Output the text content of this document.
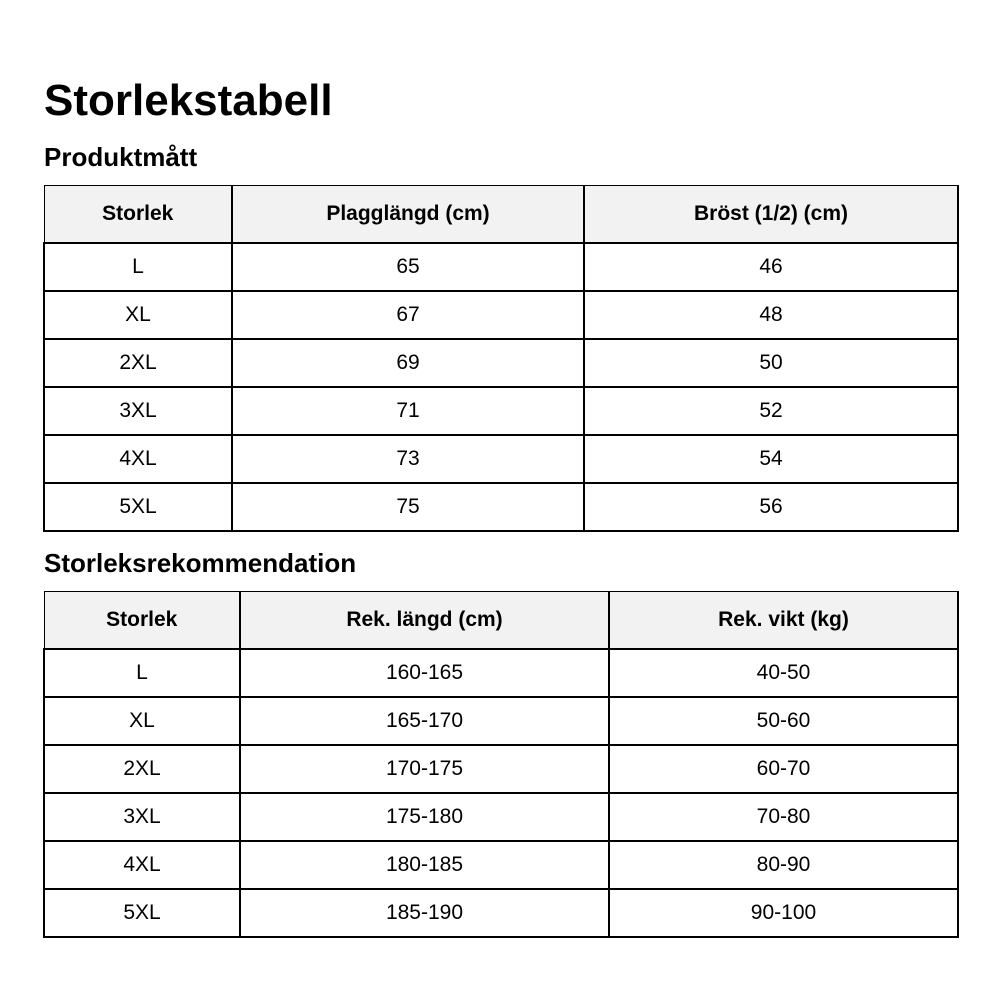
Storlekstabell
Produktmått
Storlek	Plagglängd (cm)	Bröst (1/2) (cm)
L	65	46
XL	67	48
2XL	69	50
3XL	71	52
4XL	73	54
5XL	75	56
Storleksrekommendation
Storlek	Rek. längd (cm)	Rek. vikt (kg)
L	160-165	40-50
XL	165-170	50-60
2XL	170-175	60-70
3XL	175-180	70-80
4XL	180-185	80-90
5XL	185-190	90-100
